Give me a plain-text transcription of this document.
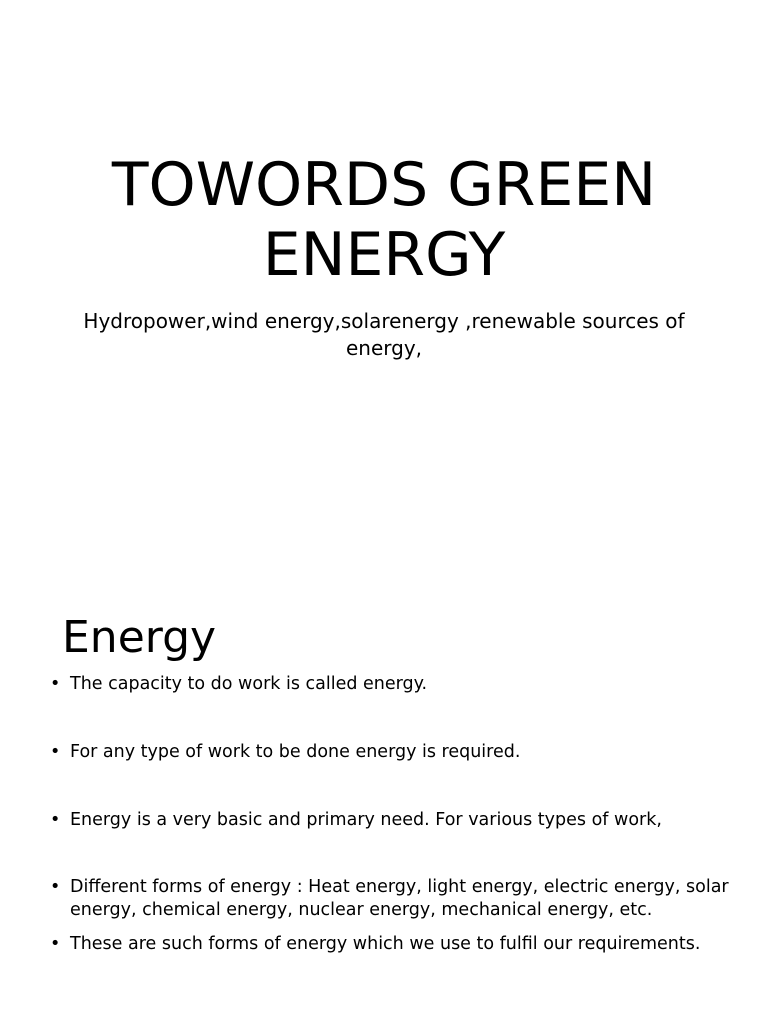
TOWORDS GREEN ENERGY

Hydropower,wind energy,solarenergy ,renewable sources of energy,

Energy
• The capacity to do work is called energy.
• For any type of work to be done energy is required.
• Energy is a very basic and primary need. For various types of work,
• Different forms of energy : Heat energy, light energy, electric energy, solar energy, chemical energy, nuclear energy, mechanical energy, etc.
• These are such forms of energy which we use to fulfil our requirements.
